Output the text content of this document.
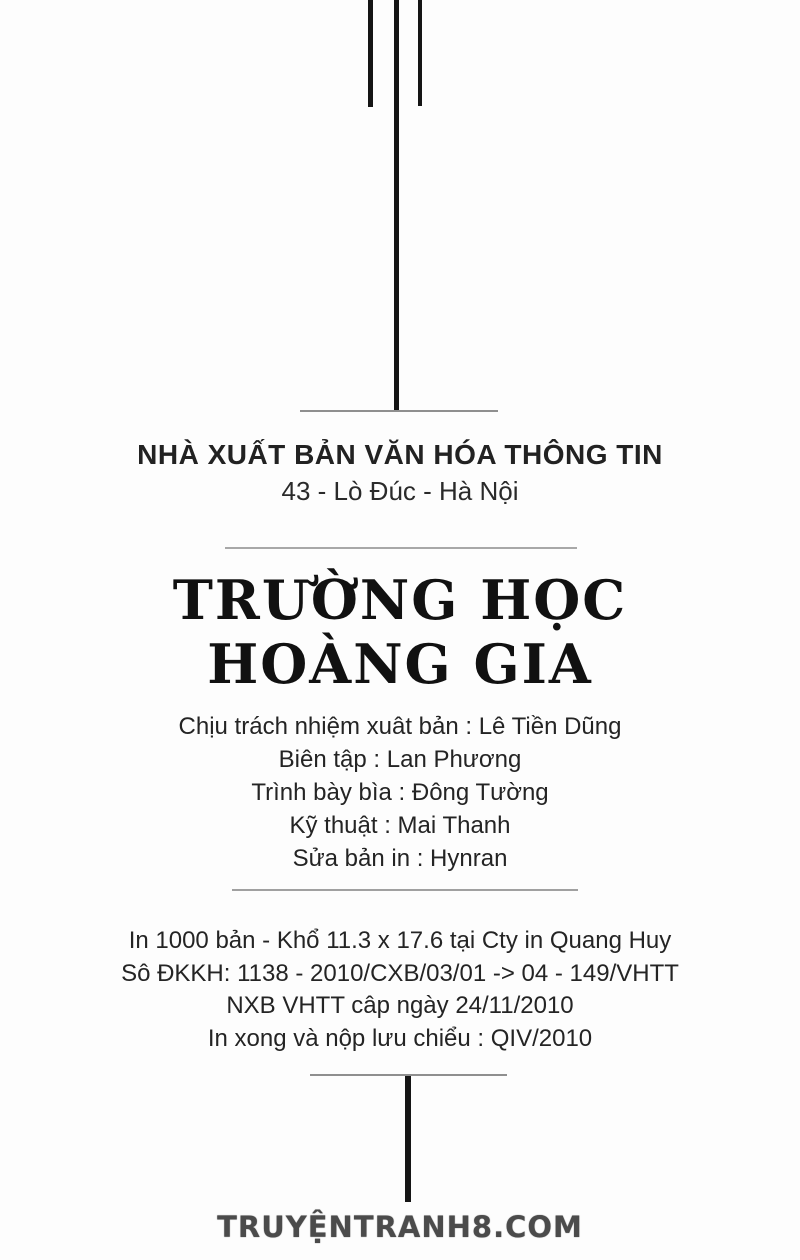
NHÀ XUẤT BẢN VĂN HÓA THÔNG TIN
43 - Lò Đúc - Hà Nội
TRƯỜNG HỌC
HOÀNG GIA
Chịu trách nhiệm xuât bản : Lê Tiền Dũng
Biên tập : Lan Phương
Trình bày bìa : Đông Tường
Kỹ thuật : Mai Thanh
Sửa bản in : Hynran
In 1000 bản - Khổ 11.3 x 17.6 tại Cty in Quang Huy
Sô ĐKKH: 1138 - 2010/CXB/03/01 -> 04 - 149/VHTT
NXB VHTT câp ngày 24/11/2010
In xong và nộp lưu chiểu : QIV/2010
TRUYỆNTRANH8.COM
